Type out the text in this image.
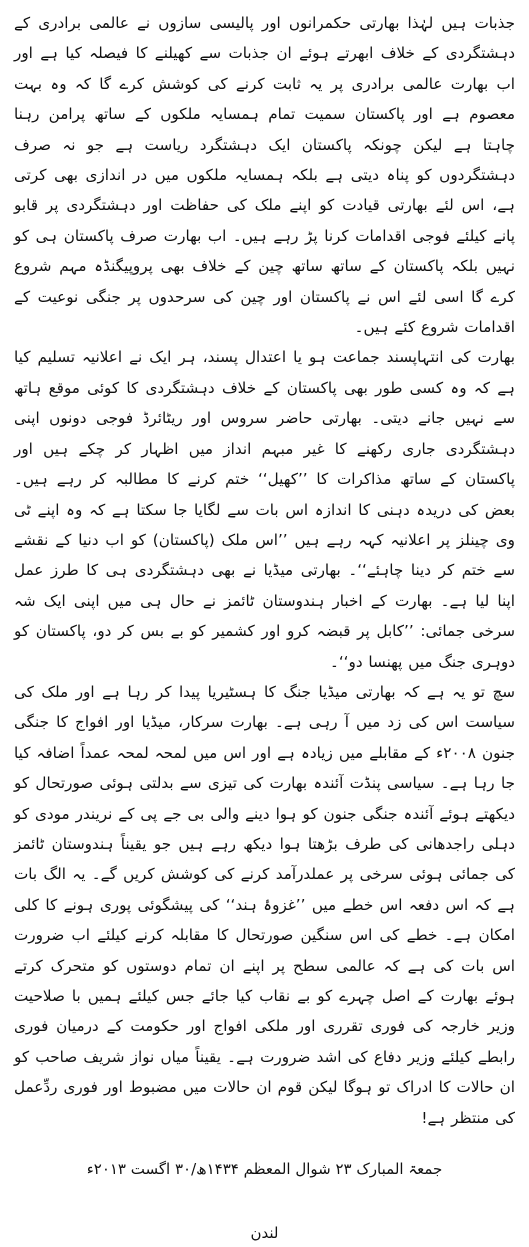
جذبات ہیں لہٰذا بھارتی حکمرانوں اور پالیسی سازوں نے عالمی برادری کے دہشتگردی کے خلاف ابھرتے ہوئے ان جذبات سے کھیلنے کا فیصلہ کیا ہے اور اب بھارت عالمی برادری پر یہ ثابت کرنے کی کوشش کرے گا کہ وہ بہت معصوم ہے اور پاکستان سمیت تمام ہمسایہ ملکوں کے ساتھ پرامن رہنا چاہتا ہے لیکن چونکہ پاکستان ایک دہشتگرد ریاست ہے جو نہ صرف دہشتگردوں کو پناہ دیتی ہے بلکہ ہمسایہ ملکوں میں در اندازی بھی کرتی ہے، اس لئے بھارتی قیادت کو اپنے ملک کی حفاظت اور دہشتگردی پر قابو پانے کیلئے فوجی اقدامات کرنا پڑ رہے ہیں۔ اب بھارت صرف پاکستان ہی کو نہیں بلکہ پاکستان کے ساتھ ساتھ چین کے خلاف بھی پروپیگنڈہ مہم شروع کرے گا اسی لئے اس نے پاکستان اور چین کی سرحدوں پر جنگی نوعیت کے اقدامات شروع کئے ہیں۔

بھارت کی انتہاپسند جماعت ہو یا اعتدال پسند، ہر ایک نے اعلانیہ تسلیم کیا ہے کہ وہ کسی طور بھی پاکستان کے خلاف دہشتگردی کا کوئی موقع ہاتھ سے نہیں جانے دیتی۔ بھارتی حاضر سروس اور ریٹائرڈ فوجی دونوں اپنی دہشتگردی جاری رکھنے کا غیر مبہم انداز میں اظہار کر چکے ہیں اور پاکستان کے ساتھ مذاکرات کا ’’کھیل‘‘ ختم کرنے کا مطالبہ کر رہے ہیں۔ بعض کی دریدہ دہنی کا اندازہ اس بات سے لگایا جا سکتا ہے کہ وہ اپنے ٹی وی چینلز پر اعلانیہ کہہ رہے ہیں ’’اس ملک (پاکستان) کو اب دنیا کے نقشے سے ختم کر دینا چاہئے‘‘۔ بھارتی میڈیا نے بھی دہشتگردی ہی کا طرز عمل اپنا لیا ہے۔ بھارت کے اخبار ہندوستان ٹائمز نے حال ہی میں اپنی ایک شہ سرخی جمائی: ’’کابل پر قبضہ کرو اور کشمیر کو بے بس کر دو، پاکستان کو دوہری جنگ میں پھنسا دو‘‘۔

سچ تو یہ ہے کہ بھارتی میڈیا جنگ کا ہسٹیریا پیدا کر رہا ہے اور ملک کی سیاست اس کی زد میں آ رہی ہے۔ بھارت سرکار، میڈیا اور افواج کا جنگی جنون ۲۰۰۸ء کے مقابلے میں زیادہ ہے اور اس میں لمحہ لمحہ عمداً اضافہ کیا جا رہا ہے۔ سیاسی پنڈت آئندہ بھارت کی تیزی سے بدلتی ہوئی صورتحال کو دیکھتے ہوئے آئندہ جنگی جنون کو ہوا دینے والی بی جے پی کے نریندر مودی کو دہلی راجدھانی کی طرف بڑھتا ہوا دیکھ رہے ہیں جو یقیناً ہندوستان ٹائمز کی جمائی ہوئی سرخی پر عملدرآمد کرنے کی کوشش کریں گے۔ یہ الگ بات ہے کہ اس دفعہ اس خطے میں ’’غزوۂ ہند‘‘ کی پیشگوئی پوری ہونے کا کلی امکان ہے۔ خطے کی اس سنگین صورتحال کا مقابلہ کرنے کیلئے اب ضرورت اس بات کی ہے کہ عالمی سطح پر اپنے ان تمام دوستوں کو متحرک کرتے ہوئے بھارت کے اصل چہرے کو بے نقاب کیا جائے جس کیلئے ہمیں با صلاحیت وزیر خارجہ کی فوری تقرری اور ملکی افواج اور حکومت کے درمیان فوری رابطے کیلئے وزیر دفاع کی اشد ضرورت ہے۔ یقیناً میاں نواز شریف صاحب کو ان حالات کا ادراک تو ہوگا لیکن قوم ان حالات میں مضبوط اور فوری ردِّعمل کی منتظر ہے!

جمعۃ المبارک ۲۳ شوال المعظم ۱۴۳۴ھ/۳۰ اگست ۲۰۱۳ء

لندن
